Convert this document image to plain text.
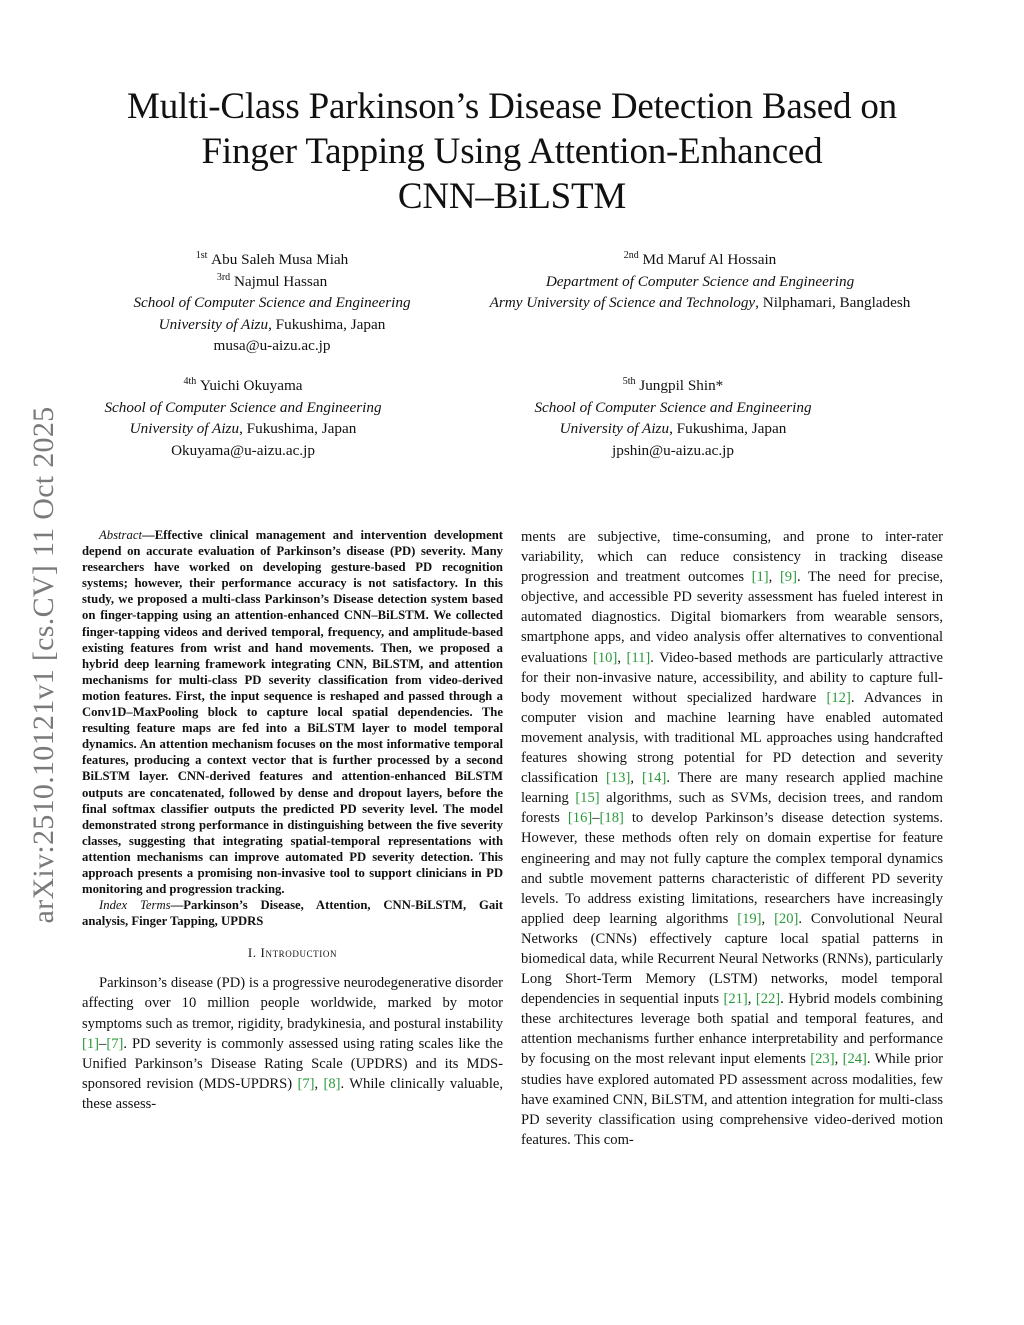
Multi-Class Parkinson’s Disease Detection Based on
Finger Tapping Using Attention-Enhanced
CNN–BiLSTM
$^{1st}$ Abu Saleh Musa Miah
$^{3rd}$ Najmul Hassan
School of Computer Science and Engineering
University of Aizu, Fukushima, Japan
musa@u-aizu.ac.jp
$^{2nd}$ Md Maruf Al Hossain
Department of Computer Science and Engineering
Army University of Science and Technology, Nilphamari, Bangladesh
$^{4th}$ Yuichi Okuyama
School of Computer Science and Engineering
University of Aizu, Fukushima, Japan
Okuyama@u-aizu.ac.jp
$^{5th}$ Jungpil Shin*
School of Computer Science and Engineering
University of Aizu, Fukushima, Japan
jpshin@u-aizu.ac.jp
arXiv:2510.10121v1 [cs.CV] 11 Oct 2025	Abstract—Effective clinical management and intervention development depend on accurate evaluation of Parkinson’s disease (PD) severity. Many researchers have worked on developing gesture-based PD recognition systems; however, their performance accuracy is not satisfactory. In this study, we proposed a multi-class Parkinson’s Disease detection system based on finger-tapping using an attention-enhanced CNN–BiLSTM. We collected finger-tapping videos and derived temporal, frequency, and amplitude-based existing features from wrist and hand movements. Then, we proposed a hybrid deep learning framework integrating CNN, BiLSTM, and attention mechanisms for multi-class PD severity classification from video-derived motion features. First, the input sequence is reshaped and passed through a Conv1D–MaxPooling block to capture local spatial dependencies. The resulting feature maps are fed into a BiLSTM layer to model temporal dynamics. An attention mechanism focuses on the most informative temporal features, producing a context vector that is further processed by a second BiLSTM layer. CNN-derived features and attention-enhanced BiLSTM outputs are concatenated, followed by dense and dropout layers, before the final softmax classifier outputs the predicted PD severity level. The model demonstrated strong performance in distinguishing between the five severity classes, suggesting that integrating spatial-temporal representations with attention mechanisms can improve automated PD severity detection. This approach presents a promising non-invasive tool to support clinicians in PD monitoring and progression tracking.

Index Terms—Parkinson’s Disease, Attention, CNN-BiLSTM, Gait analysis, Finger Tapping, UPDRS

I. Introduction

Parkinson’s disease (PD) is a progressive neurodegenerative disorder affecting over 10 million people worldwide, marked by motor symptoms such as tremor, rigidity, bradykinesia, and postural instability [1]–[7]. PD severity is commonly assessed using rating scales like the Unified Parkinson’s Disease Rating Scale (UPDRS) and its MDS-sponsored revision (MDS-UPDRS) [7], [8]. While clinically valuable, these assess-

ments are subjective, time-consuming, and prone to inter-rater variability, which can reduce consistency in tracking disease progression and treatment outcomes [1], [9]. The need for precise, objective, and accessible PD severity assessment has fueled interest in automated diagnostics. Digital biomarkers from wearable sensors, smartphone apps, and video analysis offer alternatives to conventional evaluations [10], [11]. Video-based methods are particularly attractive for their non-invasive nature, accessibility, and ability to capture full-body movement without specialized hardware [12]. Advances in computer vision and machine learning have enabled automated movement analysis, with traditional ML approaches using handcrafted features showing strong potential for PD detection and severity classification [13], [14]. There are many research applied machine learning [15] algorithms, such as SVMs, decision trees, and random forests [16]–[18] to develop Parkinson’s disease detection systems. However, these methods often rely on domain expertise for feature engineering and may not fully capture the complex temporal dynamics and subtle movement patterns characteristic of different PD severity levels. To address existing limitations, researchers have increasingly applied deep learning algorithms [19], [20]. Convolutional Neural Networks (CNNs) effectively capture local spatial patterns in biomedical data, while Recurrent Neural Networks (RNNs), particularly Long Short-Term Memory (LSTM) networks, model temporal dependencies in sequential inputs [21], [22]. Hybrid models combining these architectures leverage both spatial and temporal features, and attention mechanisms further enhance interpretability and performance by focusing on the most relevant input elements [23], [24]. While prior studies have explored automated PD assessment across modalities, few have examined CNN, BiLSTM, and attention integration for multi-class PD severity classification using comprehensive video-derived motion features. This com-
